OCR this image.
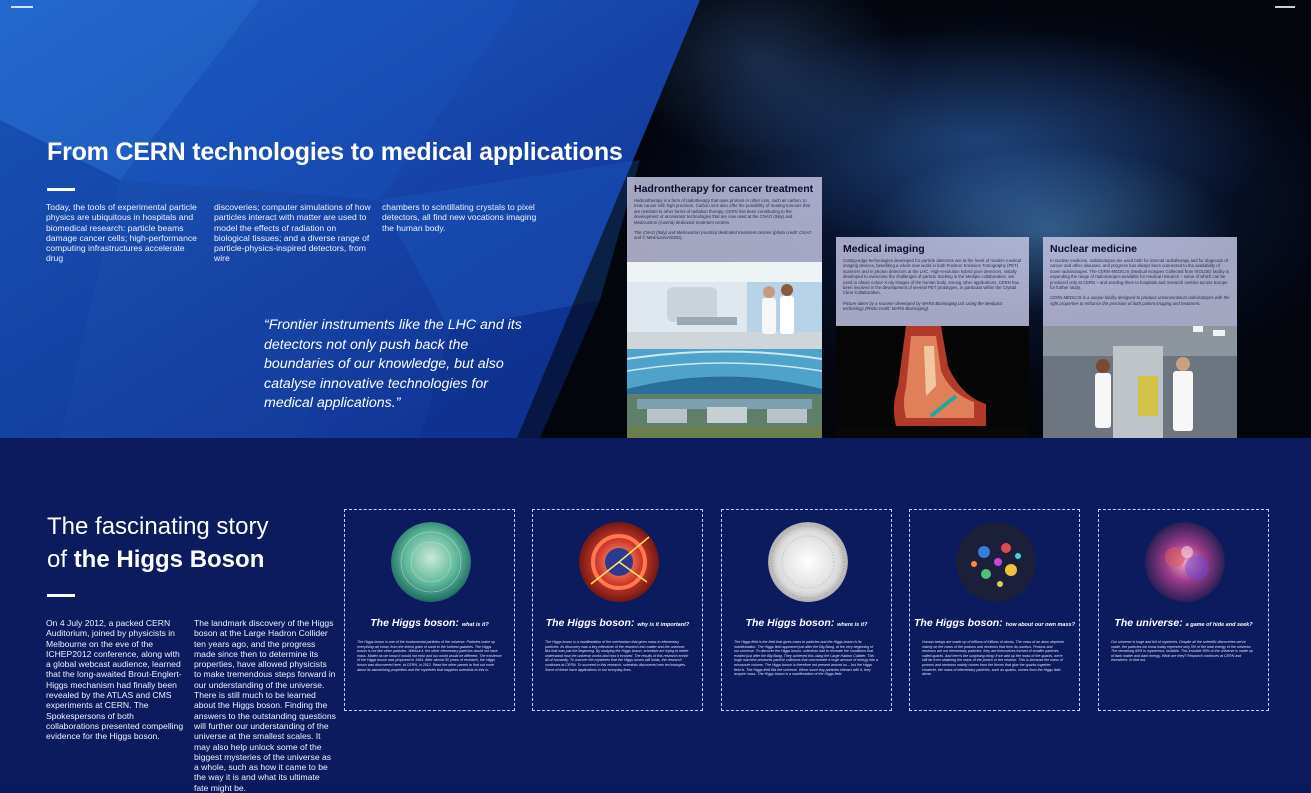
From CERN technologies to medical applications

Today, the tools of experimental particle physics are ubiquitous in hospitals and biomedical research: particle beams damage cancer cells; high-performance computing infrastructures accelerate drug

discoveries; computer simulations of how particles interact with matter are used to model the effects of radiation on biological tissues; and a diverse range of particle-physics-inspired detectors, from wire

chambers to scintillating crystals to pixel detectors, all find new vocations imaging the human body.

“Frontier instruments like the LHC and its detectors not only push back the boundaries of our knowledge, but also catalyse innovative technologies for medical applications.”

Hadrontherapy for cancer treatment

Hadrontherapy is a form of radiotherapy that uses protons or other ions, such as carbon, to treat cancer with high precision. Carbon ions also offer the possibility of treating tumours that are resistant to other forms of radiation therapy. CERN has been contributing to the development of accelerator technologies that are now used at the CNAO (Italy) and MedAustron (Austria) dedicated treatment centres.

The CNAO (Italy) and MedAustron (Austria) dedicated treatment centres (photo credit: CNAO and © MedAustron/EBG).

Medical imaging

Cutting-edge technologies developed for particle detectors are at the heart of modern medical imaging devices, benefiting a whole new world in both Positron Emission Tomography (PET) scanners and in photon detectors at the LHC. High-resolution hybrid pixel detectors, initially developed to overcome the challenges of particle tracking in the Medipix collaboration, are used to obtain colour X-ray images of the human body, among other applications. CERN has been involved in the development of several PET prototypes, in particular within the Crystal Clear Collaboration.

Picture taken by a scanner developed by MARS Bioimaging Ltd. using the Medipix3 technology (Photo credit: MARS Bioimaging).

Nuclear medicine

In nuclear medicine, radioisotopes are used both for internal radiotherapy and for diagnosis of cancer and other diseases, and progress has always been connected to the availability of novel radioisotopes. The CERN-MEDICIS (Medical Isotopes Collected from ISOLDE) facility is expanding the range of radioisotopes available for medical research – some of which can be produced only at CERN – and sending them to hospitals and research centres across Europe for further study.

CERN-MEDICIS is a unique facility designed to produce unconventional radioisotopes with the right properties to enhance the precision of both patient imaging and treatment.

The fascinating story
of the Higgs Boson

On 4 July 2012, a packed CERN Auditorium, joined by physicists in Melbourne on the eve of the ICHEP2012 conference, along with a global webcast audience, learned that the long-awaited Brout-Englert-Higgs mechanism had finally been revealed by the ATLAS and CMS experiments at CERN. The Spokespersons of both collaborations presented compelling evidence for the Higgs boson.

The landmark discovery of the Higgs boson at the Large Hadron Collider ten years ago, and the progress made since then to determine its properties, have allowed physicists to make tremendous steps forward in our understanding of the universe. There is still much to be learned about the Higgs boson. Finding the answers to the outstanding questions will further our understanding of the universe at the smallest scales. It may also help unlock some of the biggest mysteries of the universe as a whole, such as how it came to be the way it is and what its ultimate fate might be.

The Higgs boson: what is it?

The Higgs boson is one of the fundamental particles of the universe. Particles make up everything we know, from the tiniest grain of sand to the furthest galaxies. The Higgs boson is not like other particles. Without it, the other elementary particles would not have mass. Matter as we know it would not exist and our world would be different. The existence of the Higgs boson was proposed in 1964. After almost 50 years of research, the Higgs boson was discovered here, at CERN, in 2012. Read the other panels to find out more about its astonishing properties and the mysteries that happens scientists to this is.

The Higgs boson: why is it important?

The Higgs boson is a manifestation of the mechanism that gives mass to elementary particles. Its discovery was a key milestone of the research into matter and the universe. But that was just the beginning. By studying the Higgs boson, scientists are trying to better understand how the universe works and how it evolved. The results of this research enrich all of humanity. To uncover the mysteries that the Higgs boson still holds, the research continues at CERN. To succeed in this research, scientists discovered new technologies. Some of these have applications in our everyday lives.

The Higgs boson: where is it?

The Higgs field is the field that gives mass to particles and the Higgs boson is its manifestation. The Higgs field appeared just after the Big Bang, at the very beginning of our universe. To discover the Higgs boson, scientists had to recreate the conditions that existed just after the Big Bang. They achieved this using the Large Hadron Collider. This huge machine produces particle collisions that concentrate a huge amount of energy into a minuscule volume. The Higgs boson is therefore not present around us – but the Higgs field is. The Higgs field fills the universe. When some tiny particles interact with it, they acquire mass. The Higgs boson is a manifestation of the Higgs field.

The Higgs boson: how about our own mass?

Human beings are made up of trillions of trillions of atoms. The mass of an atom depends mainly on the mass of the protons and neutrons that form its nucleus. Protons and neutrons are not elementary particles: they are themselves formed of smaller particles called quarks. And here's the surprising thing: if we add up the mass of the quarks, we're still far from obtaining the mass of the proton or the neutron. This is because the mass of protons and neutrons mainly comes from the forces that glue the quarks together. However, the mass of elementary particles, such as quarks, comes from the Higgs field alone.

The universe: a game of hide and seek?

Our universe is huge and full of mysteries. Despite all the scientific discoveries we've made, the particles we know today represent only 5% of the total energy of the universe. The remaining 95% is mysterious, invisible. This invisible 95% of the universe is made up of dark matter and dark energy. What are they? Research continues at CERN and elsewhere, to find out.
